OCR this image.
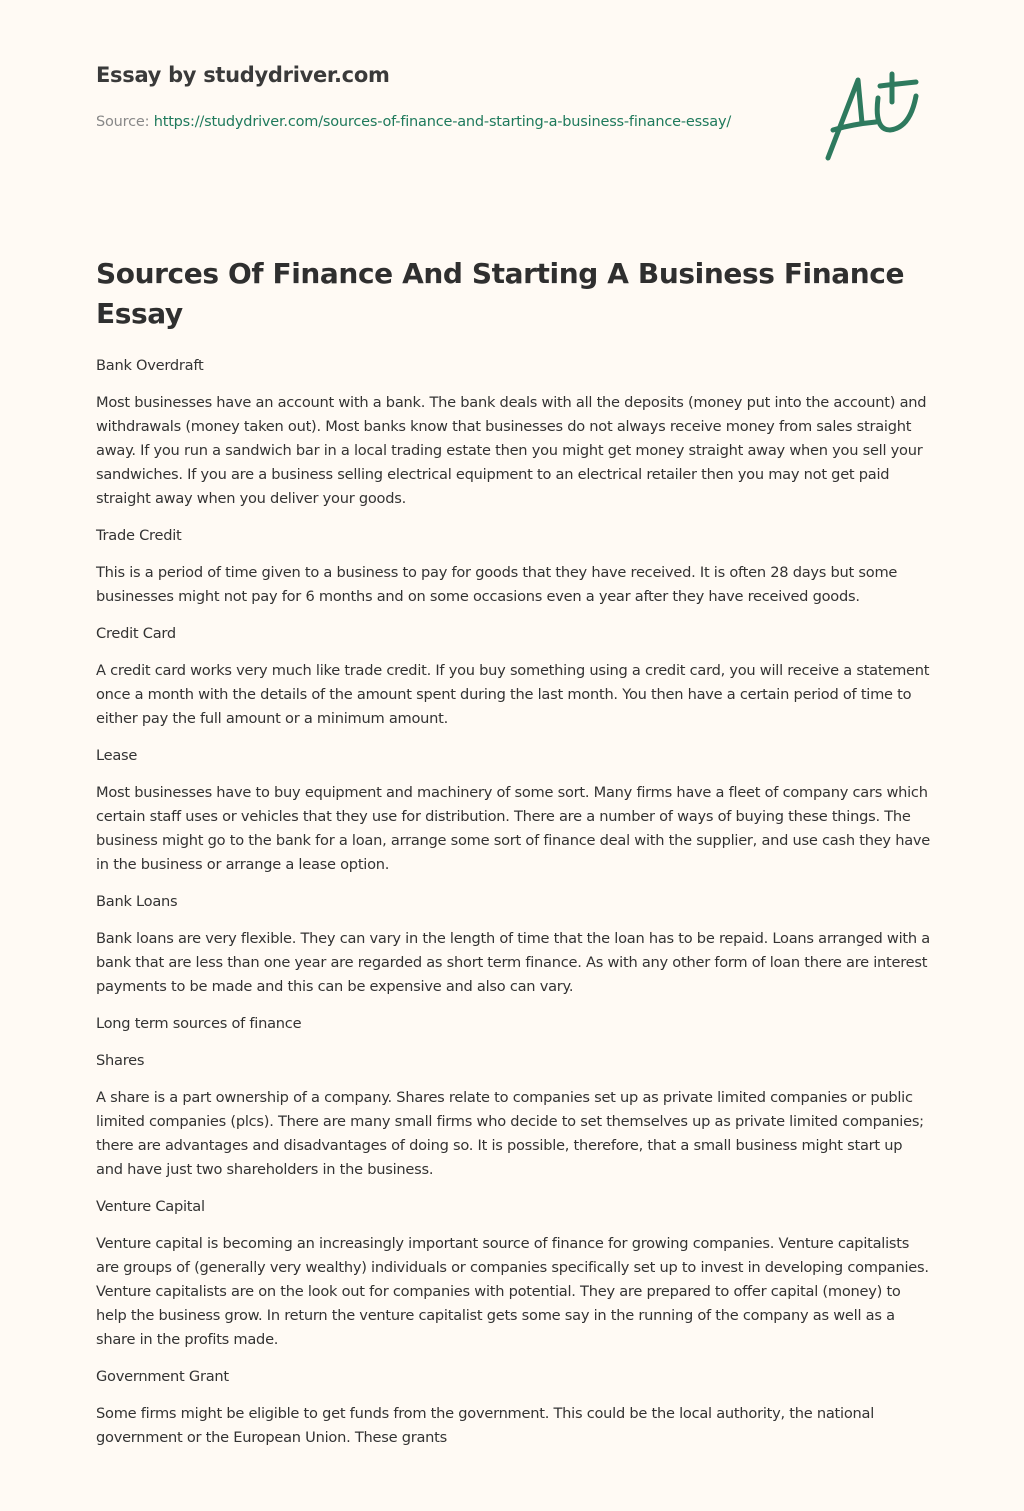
Essay by studydriver.com
Source: https://studydriver.com/sources-of-finance-and-starting-a-business-finance-essay/
Sources Of Finance And Starting A Business Finance Essay

Bank Overdraft

Most businesses have an account with a bank. The bank deals with all the deposits (money put into the account) and withdrawals (money taken out). Most banks know that businesses do not always receive money from sales straight away. If you run a sandwich bar in a local trading estate then you might get money straight away when you sell your sandwiches. If you are a business selling electrical equipment to an electrical retailer then you may not get paid straight away when you deliver your goods.

Trade Credit

This is a period of time given to a business to pay for goods that they have received. It is often 28 days but some businesses might not pay for 6 months and on some occasions even a year after they have received goods.

Credit Card

A credit card works very much like trade credit. If you buy something using a credit card, you will receive a statement once a month with the details of the amount spent during the last month. You then have a certain period of time to either pay the full amount or a minimum amount.

Lease

Most businesses have to buy equipment and machinery of some sort. Many firms have a fleet of company cars which certain staff uses or vehicles that they use for distribution. There are a number of ways of buying these things. The business might go to the bank for a loan, arrange some sort of finance deal with the supplier, and use cash they have in the business or arrange a lease option.

Bank Loans

Bank loans are very flexible. They can vary in the length of time that the loan has to be repaid. Loans arranged with a bank that are less than one year are regarded as short term finance. As with any other form of loan there are interest payments to be made and this can be expensive and also can vary.

Long term sources of finance

Shares

A share is a part ownership of a company. Shares relate to companies set up as private limited companies or public limited companies (plcs). There are many small firms who decide to set themselves up as private limited companies; there are advantages and disadvantages of doing so. It is possible, therefore, that a small business might start up and have just two shareholders in the business.

Venture Capital

Venture capital is becoming an increasingly important source of finance for growing companies. Venture capitalists are groups of (generally very wealthy) individuals or companies specifically set up to invest in developing companies. Venture capitalists are on the look out for companies with potential. They are prepared to offer capital (money) to help the business grow. In return the venture capitalist gets some say in the running of the company as well as a share in the profits made.

Government Grant

Some firms might be eligible to get funds from the government. This could be the local authority, the national government or the European Union. These grants
